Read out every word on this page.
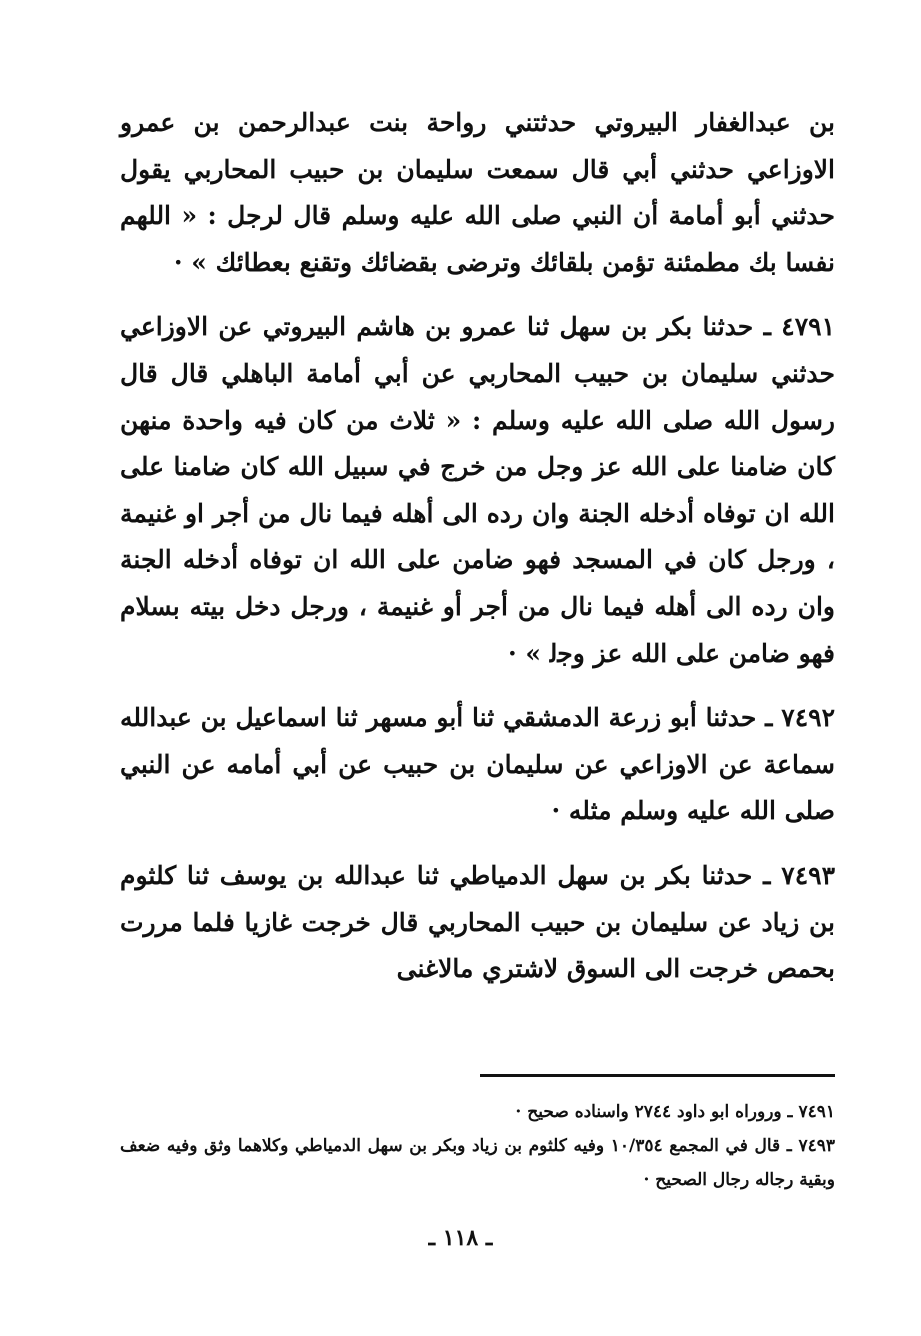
بن عبدالغفار البيروتي حدثتني رواحة بنت عبدالرحمن بن عمرو الاوزاعي حدثني أبي قال سمعت سليمان بن حبيب المحاربي يقول حدثني أبو أمامة أن النبي صلى الله عليه وسلم قال لرجل : « اللهم نفسا بك مطمئنة تؤمن بلقائك وترضى بقضائك وتقنع بعطائك » ·

٤٧٩١ ـ حدثنا بكر بن سهل ثنا عمرو بن هاشم البيروتي عن الاوزاعي حدثني سليمان بن حبيب المحاربي عن أبي أمامة الباهلي قال قال رسول الله صلى الله عليه وسلم : « ثلاث من كان فيه واحدة منهن كان ضامنا على الله عز وجل من خرج في سبيل الله كان ضامنا على الله ان توفاه أدخله الجنة وان رده الى أهله فيما نال من أجر او غنيمة ، ورجل كان في المسجد فهو ضامن على الله ان توفاه أدخله الجنة وان رده الى أهله فيما نال من أجر أو غنيمة ، ورجل دخل بيته بسلام فهو ضامن على الله عز وج‍ﻟ » ·

٧٤٩٢ ـ حدثنا أبو زرعة الدمشقي ثنا أبو مسهر ثنا اسماعيل بن عبدالله سماعة عن الاوزاعي عن سليمان بن حبيب عن أبي أمامه عن النبي صلى الله عليه وسلم مثله ·

٧٤٩٣ ـ حدثنا بكر بن سهل الدمياطي ثنا عبدالله بن يوسف ثنا كلثوم بن زياد عن سليمان بن حبيب المحاربي قال خرجت غازيا فلما مررت بحمص خرجت الى السوق لاشتري مالاغنى

٧٤٩١ ـ وروراه ابو داود ٢٧٤٤ واسناده صحيح ·

٧٤٩٣ ـ قال في المجمع ١٠/٣٥٤ وفيه كلثوم بن زياد وبكر بن سهل الدمياطي وكلاهما وثق وفيه ضعف وبقية رجاله رجال الصحيح ·

ـ ١١٨ ـ
